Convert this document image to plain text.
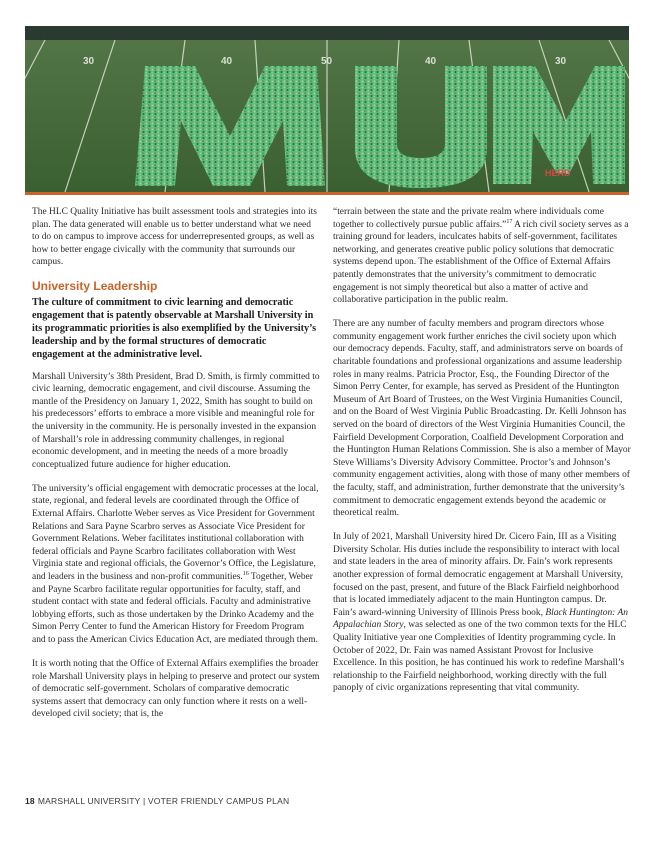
30	40	50	40	30
HERD

The HLC Quality Initiative has built assessment tools and strategies into its plan. The data generated will enable us to better understand what we need to do on campus to improve access for underrepresented groups, as well as how to better engage civically with the community that surrounds our campus.

University Leadership

The culture of commitment to civic learning and democratic engagement that is patently observable at Marshall University in its programmatic priorities is also exemplified by the University’s leadership and by the formal structures of democratic engagement at the administrative level.

Marshall University’s 38th President, Brad D. Smith, is firmly committed to civic learning, democratic engagement, and civil discourse. Assuming the mantle of the Presidency on January 1, 2022, Smith has sought to build on his predecessors’ efforts to embrace a more visible and meaningful role for the university in the community. He is personally invested in the expansion of Marshall’s role in addressing community challenges, in regional economic development, and in meeting the needs of a more broadly conceptualized future audience for higher education.

The university’s official engagement with democratic processes at the local, state, regional, and federal levels are coordinated through the Office of External Affairs. Charlotte Weber serves as Vice President for Government Relations and Sara Payne Scarbro serves as Associate Vice President for Government Relations. Weber facilitates institutional collaboration with federal officials and Payne Scarbro facilitates collaboration with West Virginia state and regional officials, the Governor’s Office, the Legislature, and leaders in the business and non-profit communities.$^{16}$ Together, Weber and Payne Scarbro facilitate regular opportunities for faculty, staff, and student contact with state and federal officials. Faculty and administrative lobbying efforts, such as those undertaken by the Drinko Academy and the Simon Perry Center to fund the American History for Freedom Program and to pass the American Civics Education Act, are mediated through them.

It is worth noting that the Office of External Affairs exemplifies the broader role Marshall University plays in helping to preserve and protect our system of democratic self-government. Scholars of comparative democratic systems assert that democracy can only function where it rests on a well-developed civil society; that is, the

“terrain between the state and the private realm where individuals come together to collectively pursue public affairs.”$^{17}$ A rich civil society serves as a training ground for leaders, inculcates habits of self-government, facilitates networking, and generates creative public policy solutions that democratic systems depend upon. The establishment of the Office of External Affairs patently demonstrates that the university’s commitment to democratic engagement is not simply theoretical but also a matter of active and collaborative participation in the public realm.

There are any number of faculty members and program directors whose community engagement work further enriches the civil society upon which our democracy depends. Faculty, staff, and administrators serve on boards of charitable foundations and professional organizations and assume leadership roles in many realms. Patricia Proctor, Esq., the Founding Director of the Simon Perry Center, for example, has served as President of the Huntington Museum of Art Board of Trustees, on the West Virginia Humanities Council, and on the Board of West Virginia Public Broadcasting. Dr. Kelli Johnson has served on the board of directors of the West Virginia Humanities Council, the Fairfield Development Corporation, Coalfield Development Corporation and the Huntington Human Relations Commission. She is also a member of Mayor Steve Williams’s Diversity Advisory Committee. Proctor’s and Johnson’s community engagement activities, along with those of many other members of the faculty, staff, and administration, further demonstrate that the university’s commitment to democratic engagement extends beyond the academic or theoretical realm.

In July of 2021, Marshall University hired Dr. Cicero Fain, III as a Visiting Diversity Scholar. His duties include the responsibility to interact with local and state leaders in the area of minority affairs. Dr. Fain’s work represents another expression of formal democratic engagement at Marshall University, focused on the past, present, and future of the Black Fairfield neighborhood that is located immediately adjacent to the main Huntington campus. Dr. Fain’s award-winning University of Illinois Press book, Black Huntington: An Appalachian Story, was selected as one of the two common texts for the HLC Quality Initiative year one Complexities of Identity programming cycle. In October of 2022, Dr. Fain was named Assistant Provost for Inclusive Excellence. In this position, he has continued his work to redefine Marshall’s relationship to the Fairfield neighborhood, working directly with the full panoply of civic organizations representing that vital community.

18 MARSHALL UNIVERSITY | VOTER FRIENDLY CAMPUS PLAN
